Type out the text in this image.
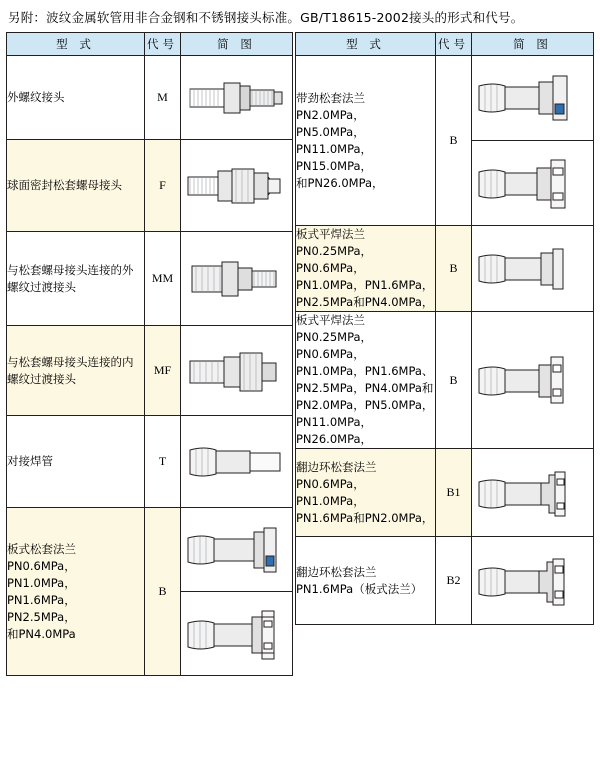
另附：波纹金属软管用非合金钢和不锈钢接头标准。GB/T18615-2002接头的形式和代号。
型 式	代号	简 图
外螺纹接头	M	

球面密封松套螺母接头	F	

与松套螺母接头连接的外螺纹过渡接头	MM	

与松套螺母接头连接的内螺纹过渡接头	MF	

对接焊管	T	

板式松套法兰
PN0.6MPa，PN1.0MPa，
PN1.6MPa，PN2.5MPa，
和PN4.0MPa	B	

型 式	代号	简 图
带劲松套法兰
PN2.0MPa， PN5.0MPa，
PN11.0MPa，PN15.0MPa，
和PN26.0MPa，	B	

板式平焊法兰
PN0.25MPa，PN0.6MPa，
PN1.0MPa，PN1.6MPa，
PN2.5MPa和PN4.0MPa，	B	

板式平焊法兰
PN0.25MPa，PN0.6MPa，
PN1.0MPa，PN1.6MPa、
PN2.5MPa，PN4.0MPa和
PN2.0MPa，PN5.0MPa，
PN11.0MPa，PN26.0MPa，	B	

翻边环松套法兰
PN0.6MPa， PN1.0MPa，
PN1.6MPa和PN2.0MPa，	B1	

翻边环松套法兰
PN1.6MPa（板式法兰）	B2	
